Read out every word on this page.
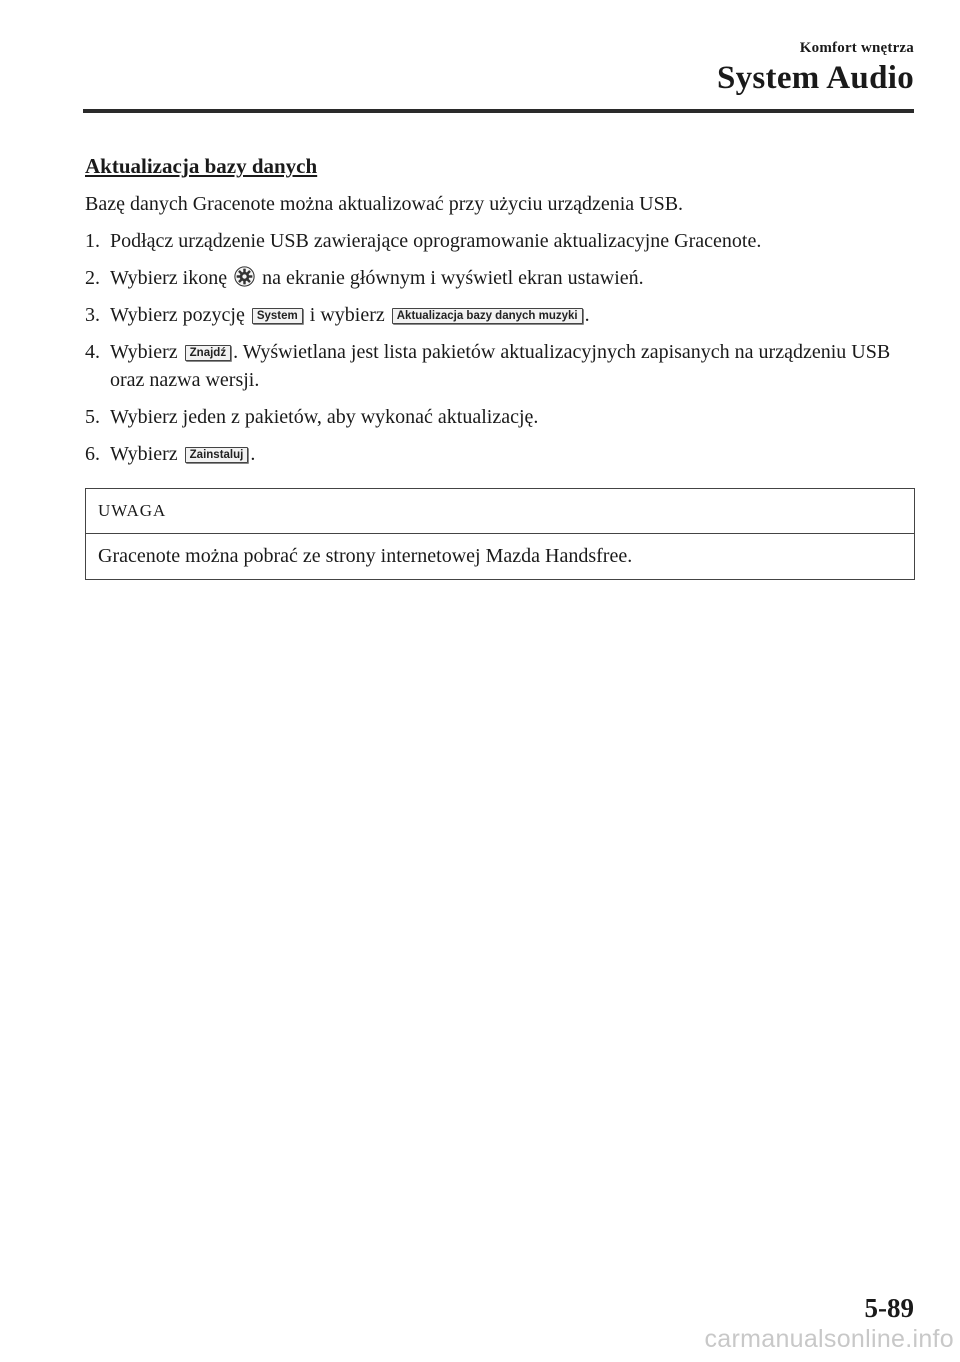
Komfort wnętrza
System Audio
Aktualizacja bazy danych

Bazę danych Gracenote można aktualizować przy użyciu urządzenia USB.

1. Podłącz urządzenie USB zawierające oprogramowanie aktualizacyjne Gracenote.
2. Wybierz ikonę na ekranie głównym i wyświetl ekran ustawień.
3. Wybierz pozycję System i wybierz Aktualizacja bazy danych muzyki .
4. Wybierz Znajdź . Wyświetlana jest lista pakietów aktualizacyjnych zapisanych na urządzeniu USB oraz nazwa wersji.
5. Wybierz jeden z pakietów, aby wykonać aktualizację.
6. Wybierz Zainstaluj .
UWAGA
Gracenote można pobrać ze strony internetowej Mazda Handsfree.
5-89
carmanualsonline.info
